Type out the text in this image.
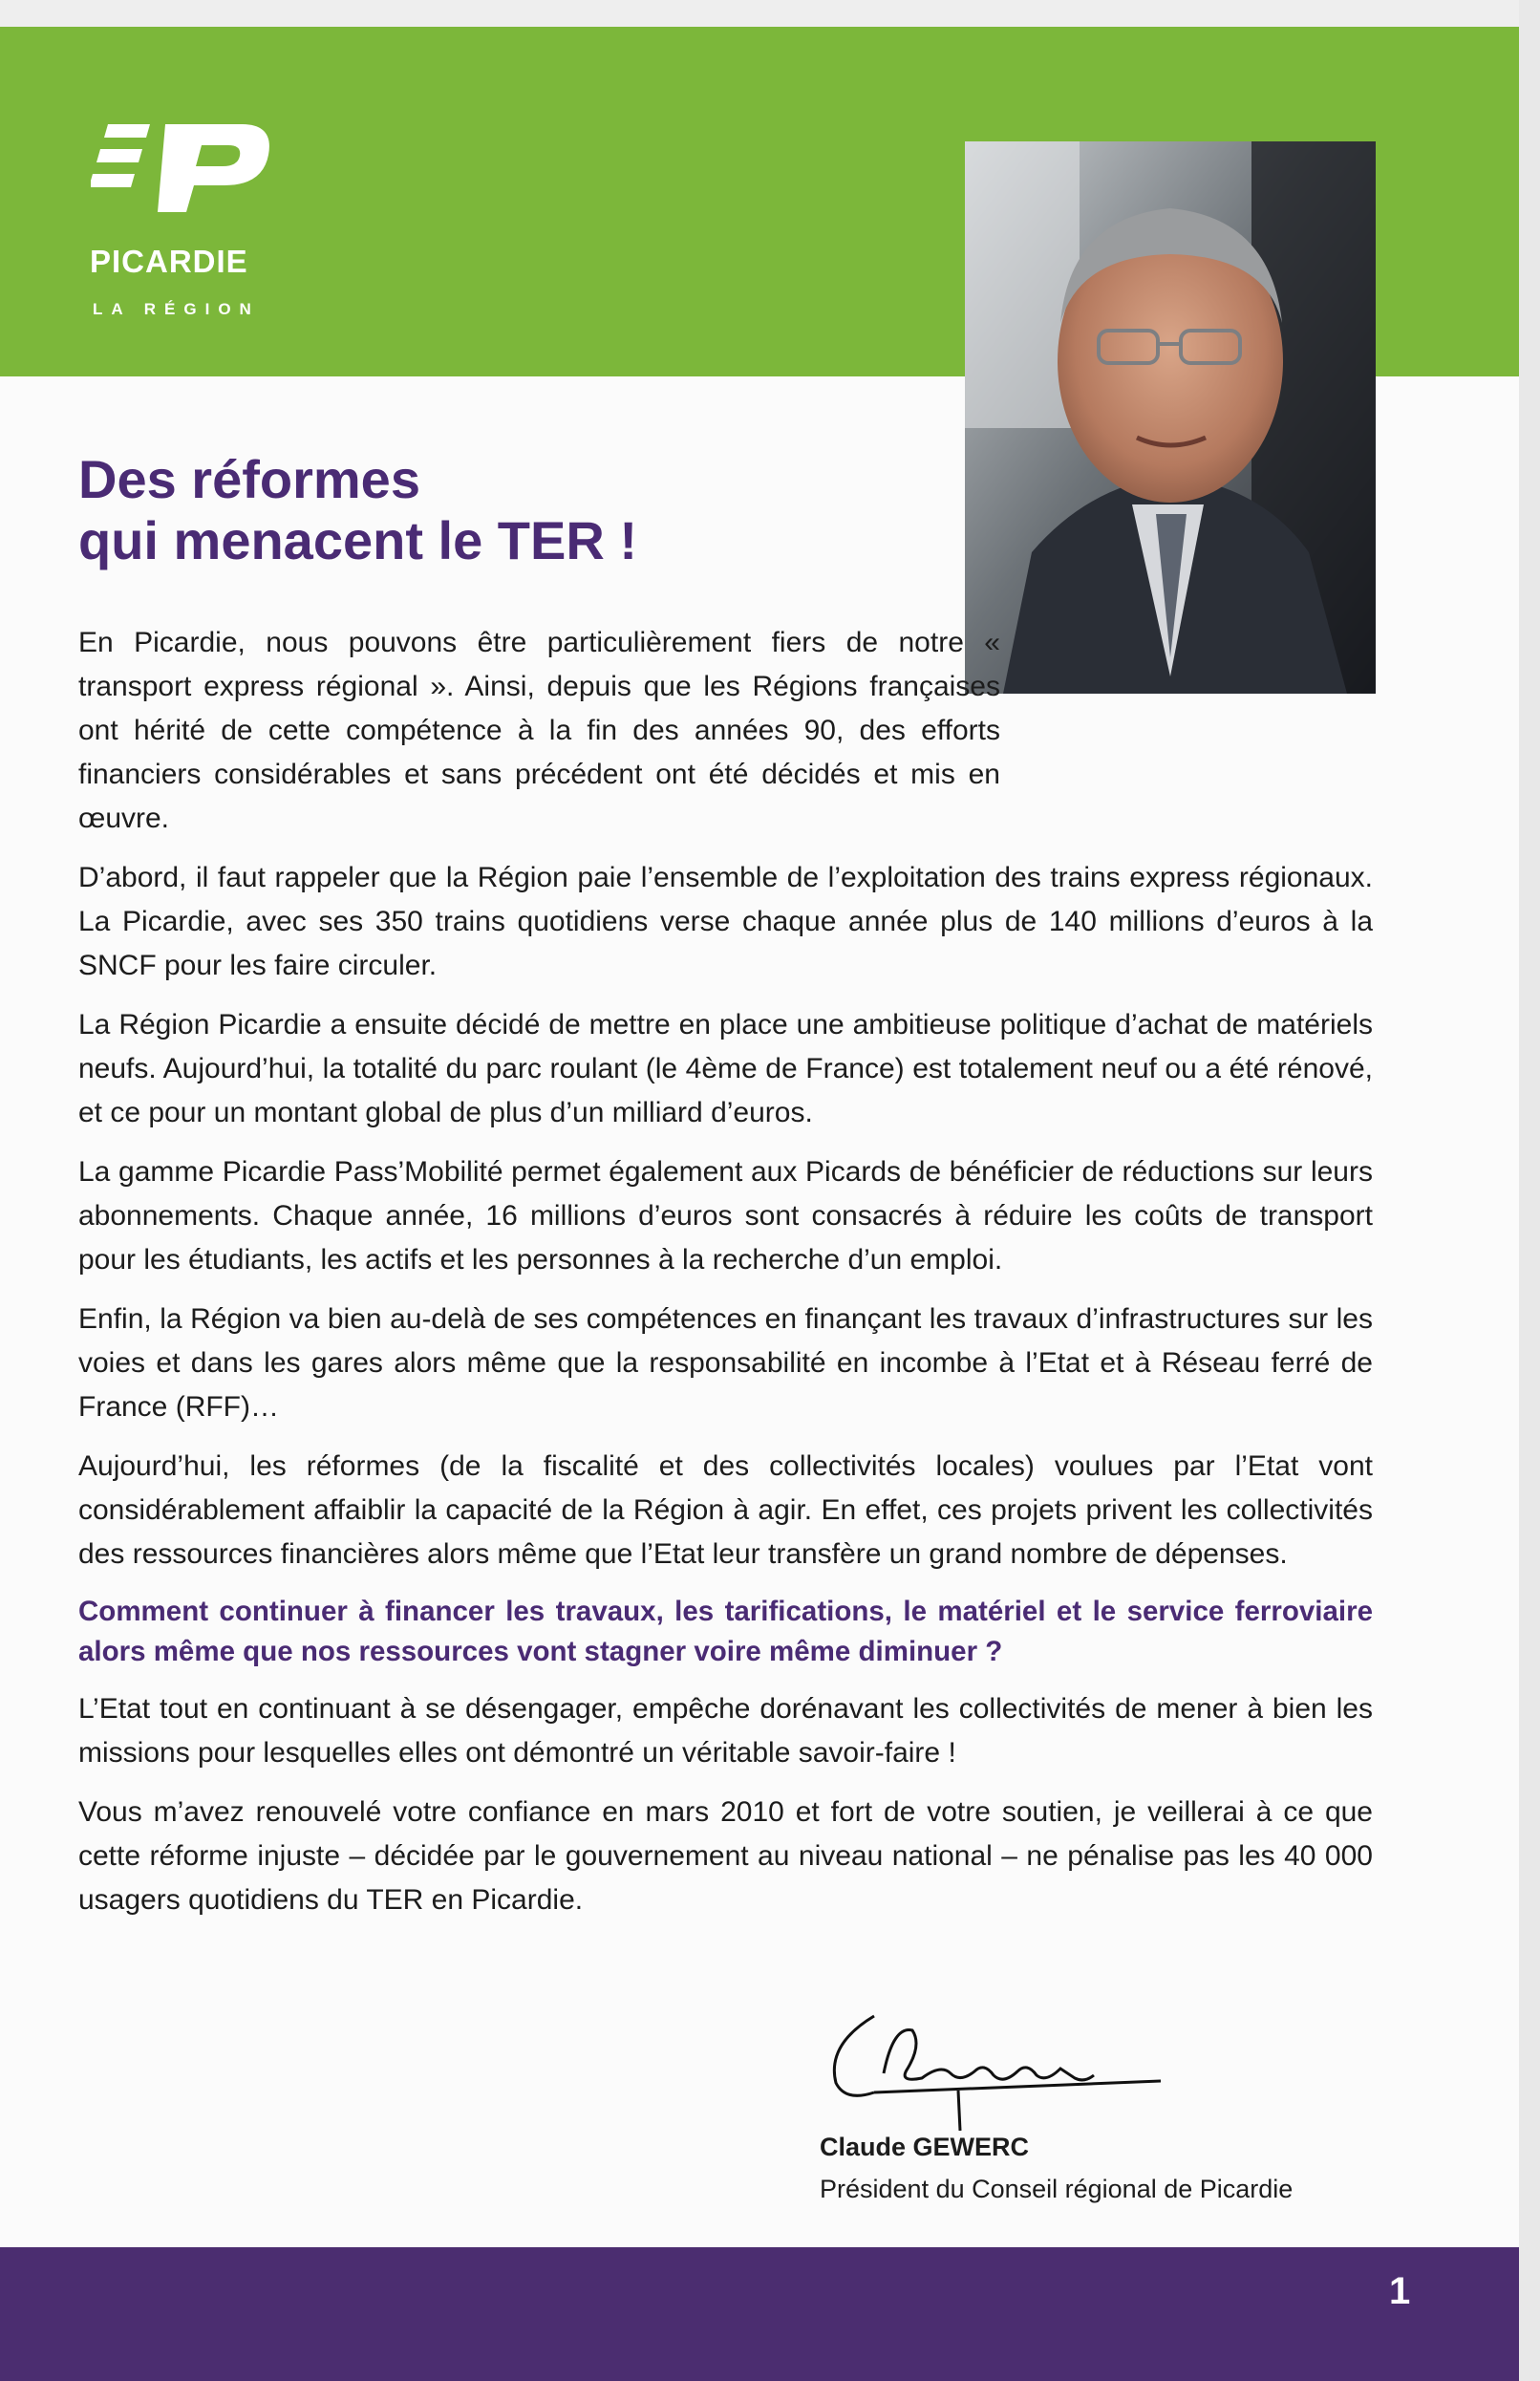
PICARDIE
LA RÉGION
Des réformes
qui menacent le TER !

En Picardie, nous pouvons être particulièrement fiers de notre « transport express régional ». Ainsi, depuis que les Régions françaises ont hérité de cette compétence à la fin des années 90, des efforts financiers considérables et sans précédent ont été décidés et mis en œuvre.

D’abord, il faut rappeler que la Région paie l’ensemble de l’exploitation des trains express régionaux. La Picardie, avec ses 350 trains quotidiens verse chaque année plus de 140 millions d’euros à la SNCF pour les faire circuler.

La Région Picardie a ensuite décidé de mettre en place une ambitieuse politique d’achat de matériels neufs. Aujourd’hui, la totalité du parc roulant (le 4ème de France) est totalement neuf ou a été rénové, et ce pour un montant global de plus d’un milliard d’euros.

La gamme Picardie Pass’Mobilité permet également aux Picards de bénéficier de réductions sur leurs abonnements. Chaque année, 16 millions d’euros sont consacrés à réduire les coûts de transport pour les étudiants, les actifs et les personnes à la recherche d’un emploi.

Enfin, la Région va bien au-delà de ses compétences en finançant les travaux d’infrastructures sur les voies et dans les gares alors même que la responsabilité en incombe à l’Etat et à Réseau ferré de France (RFF)…

Aujourd’hui, les réformes (de la fiscalité et des collectivités locales) voulues par l’Etat vont considérablement affaiblir la capacité de la Région à agir. En effet, ces projets privent les collectivités des ressources financières alors même que l’Etat leur transfère un grand nombre de dépenses.

Comment continuer à financer les travaux, les tarifications, le matériel et le service ferroviaire alors même que nos ressources vont stagner voire même diminuer ?

L’Etat tout en continuant à se désengager, empêche dorénavant les collectivités de mener à bien les missions pour lesquelles elles ont démontré un véritable savoir-faire !

Vous m’avez renouvelé votre confiance en mars 2010 et fort de votre soutien, je veillerai à ce que cette réforme injuste – décidée par le gouvernement au niveau national – ne pénalise pas les 40 000 usagers quotidiens du TER en Picardie.

Claude GEWERC
Président du Conseil régional de Picardie
1
